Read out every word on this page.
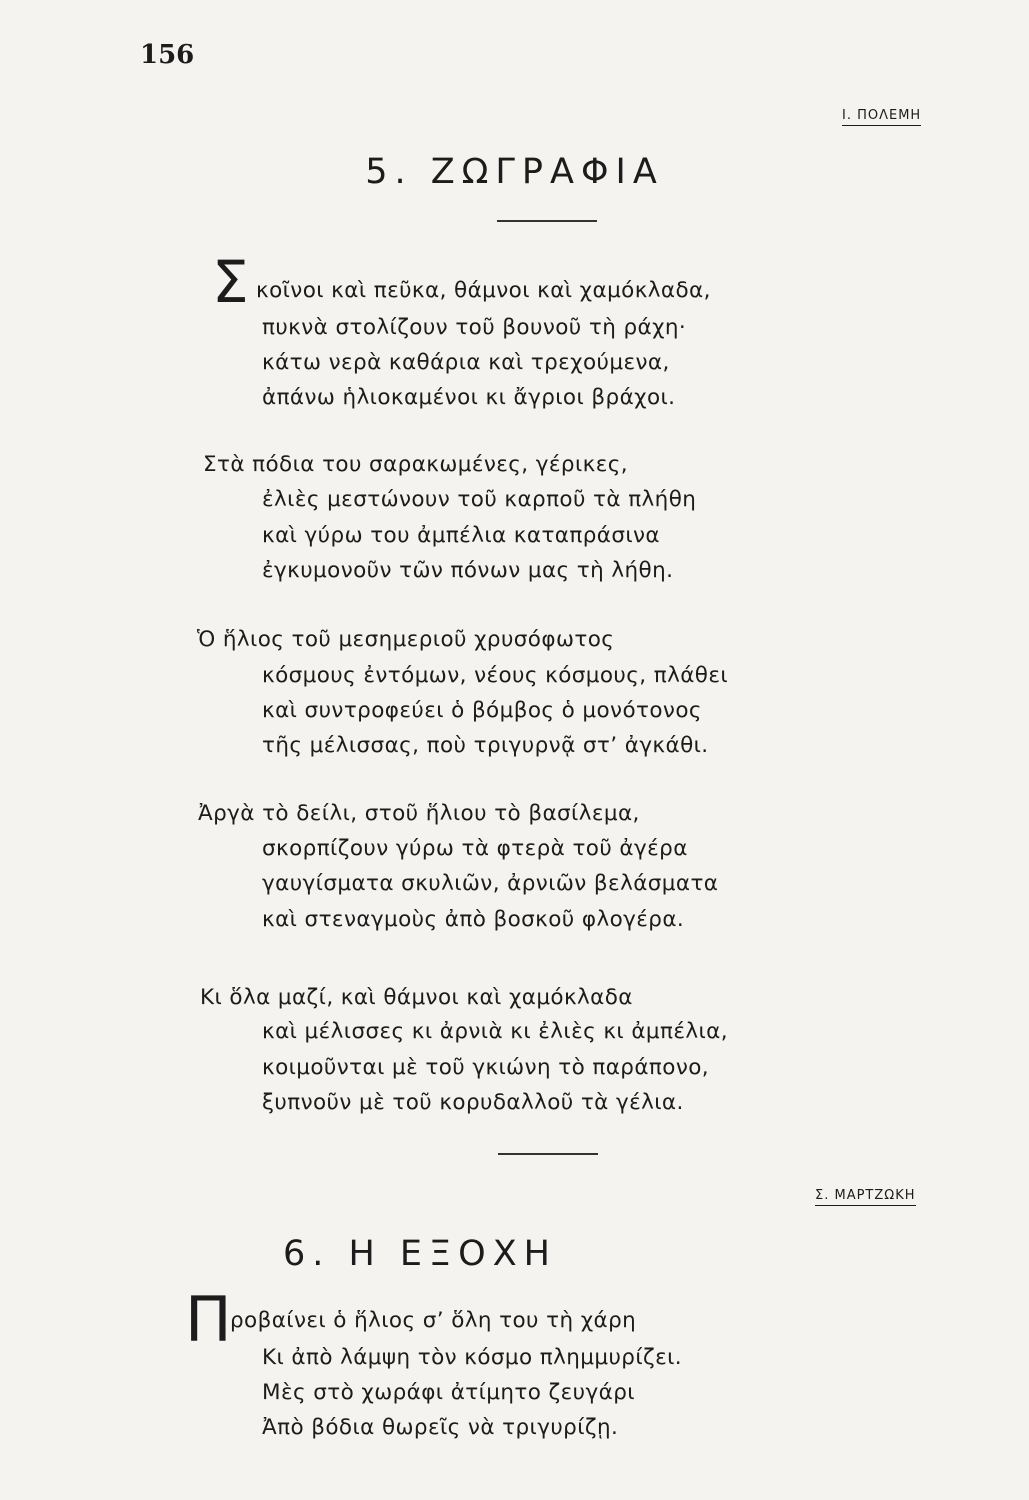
156
Ι. ΠΟΛΕΜΗ
5. ΖΩΓΡΑΦΙΑ
Σ κοῖνοι καὶ πεῦκα, θάμνοι καὶ χαμόκλαδα,
πυκνὰ στολίζουν τοῦ βουνοῦ τὴ ράχη·
κάτω νερὰ καθάρια καὶ τρεχούμενα,
ἀπάνω ἡλιοκαμένοι κι ἄγριοι βράχοι.
Στὰ πόδια του σαρακωμένες, γέρικες,
ἐλιὲς μεστώνουν τοῦ καρποῦ τὰ πλήθη
καὶ γύρω του ἀμπέλια καταπράσινα
ἐγκυμονοῦν τῶν πόνων μας τὴ λήθη.
Ὁ ἥλιος τοῦ μεσημεριοῦ χρυσόφωτος
κόσμους ἐντόμων, νέους κόσμους, πλάθει
καὶ συντροφεύει ὁ βόμβος ὁ μονότονος
τῆς μέλισσας, ποὺ τριγυρνᾷ στ’ ἀγκάθι.
Ἀργὰ τὸ δείλι, στοῦ ἥλιου τὸ βασίλεμα,
σκορπίζουν γύρω τὰ φτερὰ τοῦ ἀγέρα
γαυγίσματα σκυλιῶν, ἀρνιῶν βελάσματα
καὶ στεναγμοὺς ἀπὸ βοσκοῦ φλογέρα.
Κι ὅλα μαζί, καὶ θάμνοι καὶ χαμόκλαδα
καὶ μέλισσες κι ἀρνιὰ κι ἐλιὲς κι ἀμπέλια,
κοιμοῦνται μὲ τοῦ γκιώνη τὸ παράπονο,
ξυπνοῦν μὲ τοῦ κορυδαλλοῦ τὰ γέλια.
Σ. ΜΑΡΤΖΩΚΗ
6. Η ΕΞΟΧΗ
Π
ροβαίνει ὁ ἥλιος σ’ ὅλη του τὴ χάρη
Κι ἀπὸ λάμψη τὸν κόσμο πλημμυρίζει.
Μὲς στὸ χωράφι ἀτίμητο ζευγάρι
Ἀπὸ βόδια θωρεῖς νὰ τριγυρίζῃ.
